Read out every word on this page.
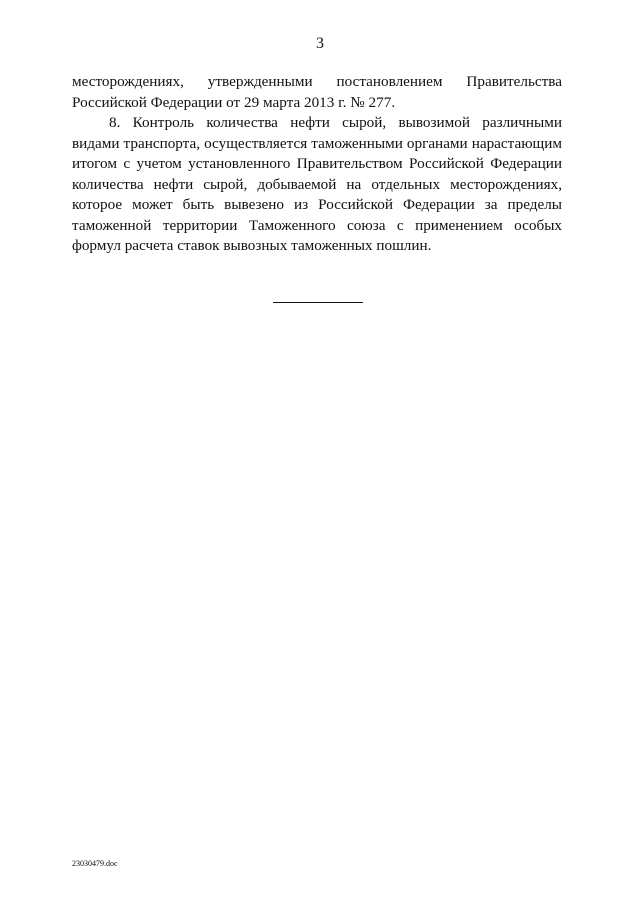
3

месторождениях, утвержденными постановлением Правительства

Российской Федерации от 29 марта 2013 г. № 277.

8. Контроль количества нефти сырой, вывозимой различными

видами транспорта, осуществляется таможенными органами нарастающим

итогом с учетом установленного Правительством Российской Федерации

количества нефти сырой, добываемой на отдельных месторождениях,

которое может быть вывезено из Российской Федерации за пределы

таможенной территории Таможенного союза с применением особых

формул расчета ставок вывозных таможенных пошлин.

23030479.doc
